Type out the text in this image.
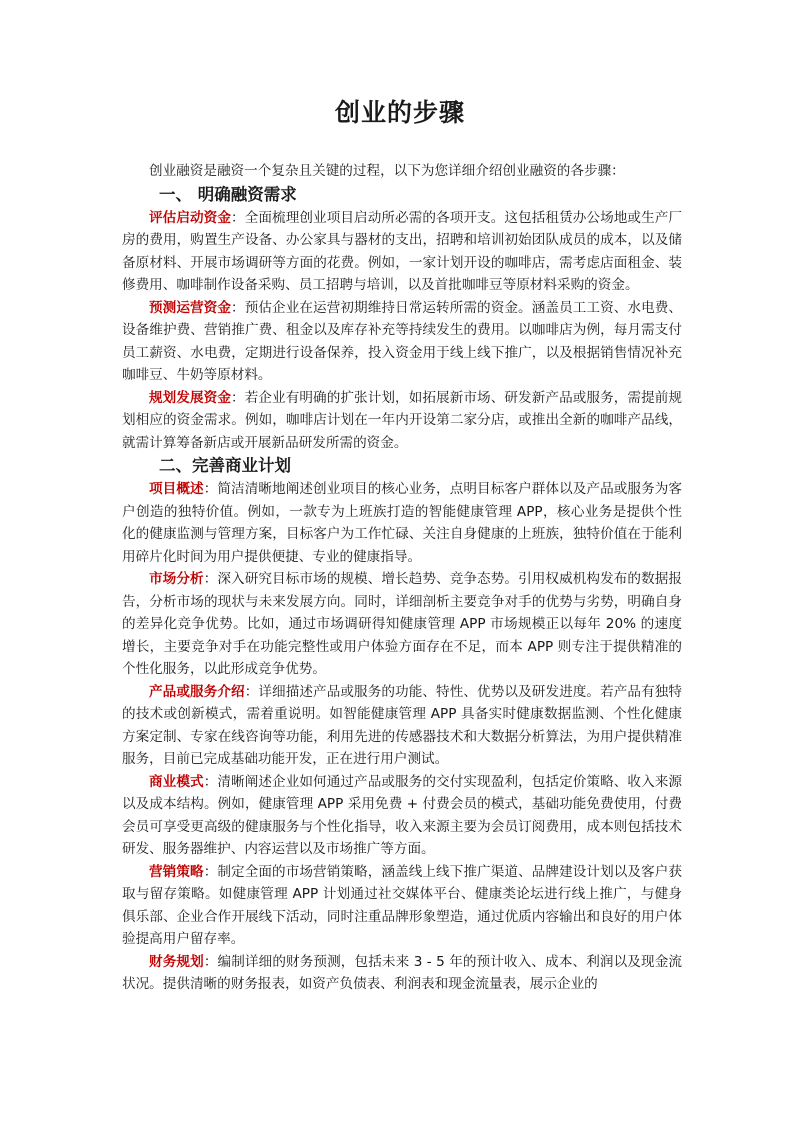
创业的步骤

创业融资是融资一个复杂且关键的过程，以下为您详细介绍创业融资的各步骤：

一、 明确融资需求

评估启动资金：全面梳理创业项目启动所必需的各项开支。这包括租赁办公场地或生产厂房的费用，购置生产设备、办公家具与器材的支出，招聘和培训初始团队成员的成本，以及储备原材料、开展市场调研等方面的花费。例如，一家计划开设的咖啡店，需考虑店面租金、装修费用、咖啡制作设备采购、员工招聘与培训，以及首批咖啡豆等原材料采购的资金。

预测运营资金：预估企业在运营初期维持日常运转所需的资金。涵盖员工工资、水电费、设备维护费、营销推广费、租金以及库存补充等持续发生的费用。以咖啡店为例，每月需支付员工薪资、水电费，定期进行设备保养，投入资金用于线上线下推广，以及根据销售情况补充咖啡豆、牛奶等原材料。

规划发展资金：若企业有明确的扩张计划，如拓展新市场、研发新产品或服务，需提前规划相应的资金需求。例如，咖啡店计划在一年内开设第二家分店，或推出全新的咖啡产品线，就需计算筹备新店或开展新品研发所需的资金。

二、完善商业计划

项目概述：简洁清晰地阐述创业项目的核心业务，点明目标客户群体以及产品或服务为客户创造的独特价值。例如，一款专为上班族打造的智能健康管理 APP，核心业务是提供个性化的健康监测与管理方案，目标客户为工作忙碌、关注自身健康的上班族，独特价值在于能利用碎片化时间为用户提供便捷、专业的健康指导。

市场分析：深入研究目标市场的规模、增长趋势、竞争态势。引用权威机构发布的数据报告，分析市场的现状与未来发展方向。同时，详细剖析主要竞争对手的优势与劣势，明确自身的差异化竞争优势。比如，通过市场调研得知健康管理 APP 市场规模正以每年 20% 的速度增长，主要竞争对手在功能完整性或用户体验方面存在不足，而本 APP 则专注于提供精准的个性化服务，以此形成竞争优势。

产品或服务介绍：详细描述产品或服务的功能、特性、优势以及研发进度。若产品有独特的技术或创新模式，需着重说明。如智能健康管理 APP 具备实时健康数据监测、个性化健康方案定制、专家在线咨询等功能，利用先进的传感器技术和大数据分析算法，为用户提供精准服务，目前已完成基础功能开发，正在进行用户测试。

商业模式：清晰阐述企业如何通过产品或服务的交付实现盈利，包括定价策略、收入来源以及成本结构。例如，健康管理 APP 采用免费 + 付费会员的模式，基础功能免费使用，付费会员可享受更高级的健康服务与个性化指导，收入来源主要为会员订阅费用，成本则包括技术研发、服务器维护、内容运营以及市场推广等方面。

营销策略：制定全面的市场营销策略，涵盖线上线下推广渠道、品牌建设计划以及客户获取与留存策略。如健康管理 APP 计划通过社交媒体平台、健康类论坛进行线上推广，与健身俱乐部、企业合作开展线下活动，同时注重品牌形象塑造，通过优质内容输出和良好的用户体验提高用户留存率。

财务规划：编制详细的财务预测，包括未来 3 - 5 年的预计收入、成本、利润以及现金流状况。提供清晰的财务报表，如资产负债表、利润表和现金流量表，展示企业的
